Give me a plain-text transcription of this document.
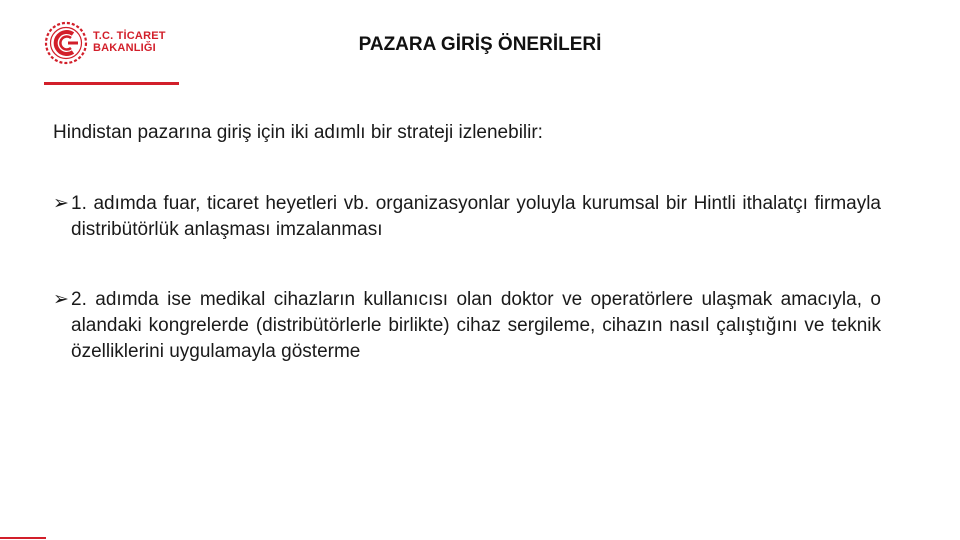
T.C. TİCARET
BAKANLIĞI	PAZARA GİRİŞ ÖNERİLERİ
Hindistan pazarına giriş için iki adımlı bir strateji izlenebilir:
➢ 1. adımda fuar, ticaret heyetleri vb. organizasyonlar yoluyla kurumsal bir Hintli ithalatçı firmayla distribütörlük anlaşması imzalanması
➢ 2. adımda ise medikal cihazların kullanıcısı olan doktor ve operatörlere ulaşmak amacıyla, o alandaki kongrelerde (distribütörlerle birlikte) cihaz sergileme, cihazın nasıl çalıştığını ve teknik özelliklerini uygulamayla gösterme
